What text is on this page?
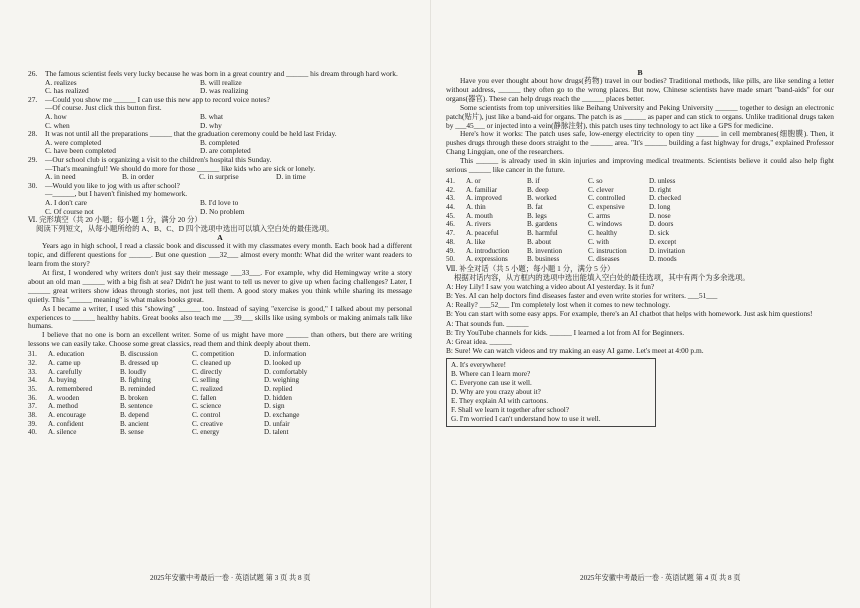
26.	The famous scientist feels very lucky because he was born in a great country and ______ his dream through hard work.
A. realizes	B. will realize
C. has realized	D. was realizing
27.	—Could you show me ______ I can use this new app to record voice notes?
—Of course. Just click this button first.
A. how	B. what
C. when	D. why
28.	It was not until all the preparations ______ that the graduation ceremony could be held last Friday.
A. were completed	B. completed
C. have been completed	D. are completed
29.	—Our school club is organizing a visit to the children's hospital this Sunday.
—That's meaningful! We should do more for those ______ like kids who are sick or lonely.
A. in need	B. in order	C. in surprise	D. in time
30.	—Would you like to jog with us after school?
—______, but I haven't finished my homework.
A. I don't care	B. I'd love to
C. Of course not	D. No problem
Ⅵ. 完形填空（共 20 小题；每小题 1 分，满分 20 分）
阅读下列短文，从每小题所给的 A、B、C、D 四个选项中选出可以填入空白处的最佳选项。
A

Years ago in high school, I read a classic book and discussed it with my classmates every month. Each book had a different topic, and different questions for ______. But one question ___32___ almost every month: What did the writer want readers to learn from the story?

At first, I wondered why writers don't just say their message ___33___. For example, why did Hemingway write a story about an old man ______ with a big fish at sea? Didn't he just want to tell us never to give up when facing challenges? Later, I ______ great writers show ideas through stories, not just tell them. A good story makes you think while sharing its message quietly. This "______ meaning" is what makes books great.

As I became a writer, I used this "showing" ______ too. Instead of saying "exercise is good," I talked about my personal experiences to ______ healthy habits. Great books also teach me ___39___ skills like using symbols or making animals talk like humans.

I believe that no one is born an excellent writer. Some of us might have more ______ than others, but there are writing lessons we can easily take. Choose some great classics, read them and think deeply about them.

31.	A. education	B. discussion	C. competition	D. information
32.	A. came up	B. dressed up	C. cleaned up	D. looked up
33.	A. carefully	B. loudly	C. directly	D. comfortably
34.	A. buying	B. fighting	C. selling	D. weighing
35.	A. remembered	B. reminded	C. realized	D. replied
36.	A. wooden	B. broken	C. fallen	D. hidden
37.	A. method	B. sentence	C. science	D. sign
38.	A. encourage	B. depend	C. control	D. exchange
39.	A. confident	B. ancient	C. creative	D. unfair
40.	A. silence	B. sense	C. energy	D. talent
2025年安徽中考最后一卷 · 英语试题 第 3 页 共 8 页
B

Have you ever thought about how drugs(药物) travel in our bodies? Traditional methods, like pills, are like sending a letter without address, ______ they often go to the wrong places. But now, Chinese scientists have made smart "band-aids" for our organs(器官). These can help drugs reach the ______ places better.

Some scientists from top universities like Beihang University and Peking University ______ together to design an electronic patch(贴片), just like a band-aid for organs. The patch is as ______ as paper and can stick to organs. Unlike traditional drugs taken by ___45___ or injected into a vein(静脉注射), this patch uses tiny technology to act like a GPS for medicine.

Here's how it works: The patch uses safe, low-energy electricity to open tiny ______ in cell membranes(细胞膜). Then, it pushes drugs through these doors straight to the ______ area. "It's ______ building a fast highway for drugs," explained Professor Chang Lingqian, one of the researchers.

This ______ is already used in skin injuries and improving medical treatments. Scientists believe it could also help fight serious ______ like cancer in the future.

41.	A. or	B. if	C. so	D. unless
42.	A. familiar	B. deep	C. clever	D. right
43.	A. improved	B. worked	C. controlled	D. checked
44.	A. thin	B. fat	C. expensive	D. long
45.	A. mouth	B. legs	C. arms	D. nose
46.	A. rivers	B. gardens	C. windows	D. doors
47.	A. peaceful	B. harmful	C. healthy	D. sick
48.	A. like	B. about	C. with	D. except
49.	A. introduction	B. invention	C. instruction	D. invitation
50.	A. expressions	B. business	C. diseases	D. moods
Ⅶ. 补全对话（共 5 小题；每小题 1 分，满分 5 分）
根据对话内容，从方框内的选项中选出能填入空白处的最佳选项，其中有两个为多余选项。
A: Hey Lily! I saw you watching a video about AI yesterday. Is it fun?
B: Yes. AI can help doctors find diseases faster and even write stories for writers. ___51___
A: Really? ___52___ I'm completely lost when it comes to new technology.
B: You can start with some easy apps. For example, there's an AI chatbot that helps with homework. Just ask him questions!
A: That sounds fun. ______
B: Try YouTube channels for kids. ______ I learned a lot from AI for Beginners.
A: Great idea. ______
B: Sure! We can watch videos and try making an easy AI game. Let's meet at 4:00 p.m.
A. It's everywhere!
B. Where can I learn more?
C. Everyone can use it well.
D. Why are you crazy about it?
E. They explain AI with cartoons.
F. Shall we learn it together after school?
G. I'm worried I can't understand how to use it well.
2025年安徽中考最后一卷 · 英语试题 第 4 页 共 8 页
